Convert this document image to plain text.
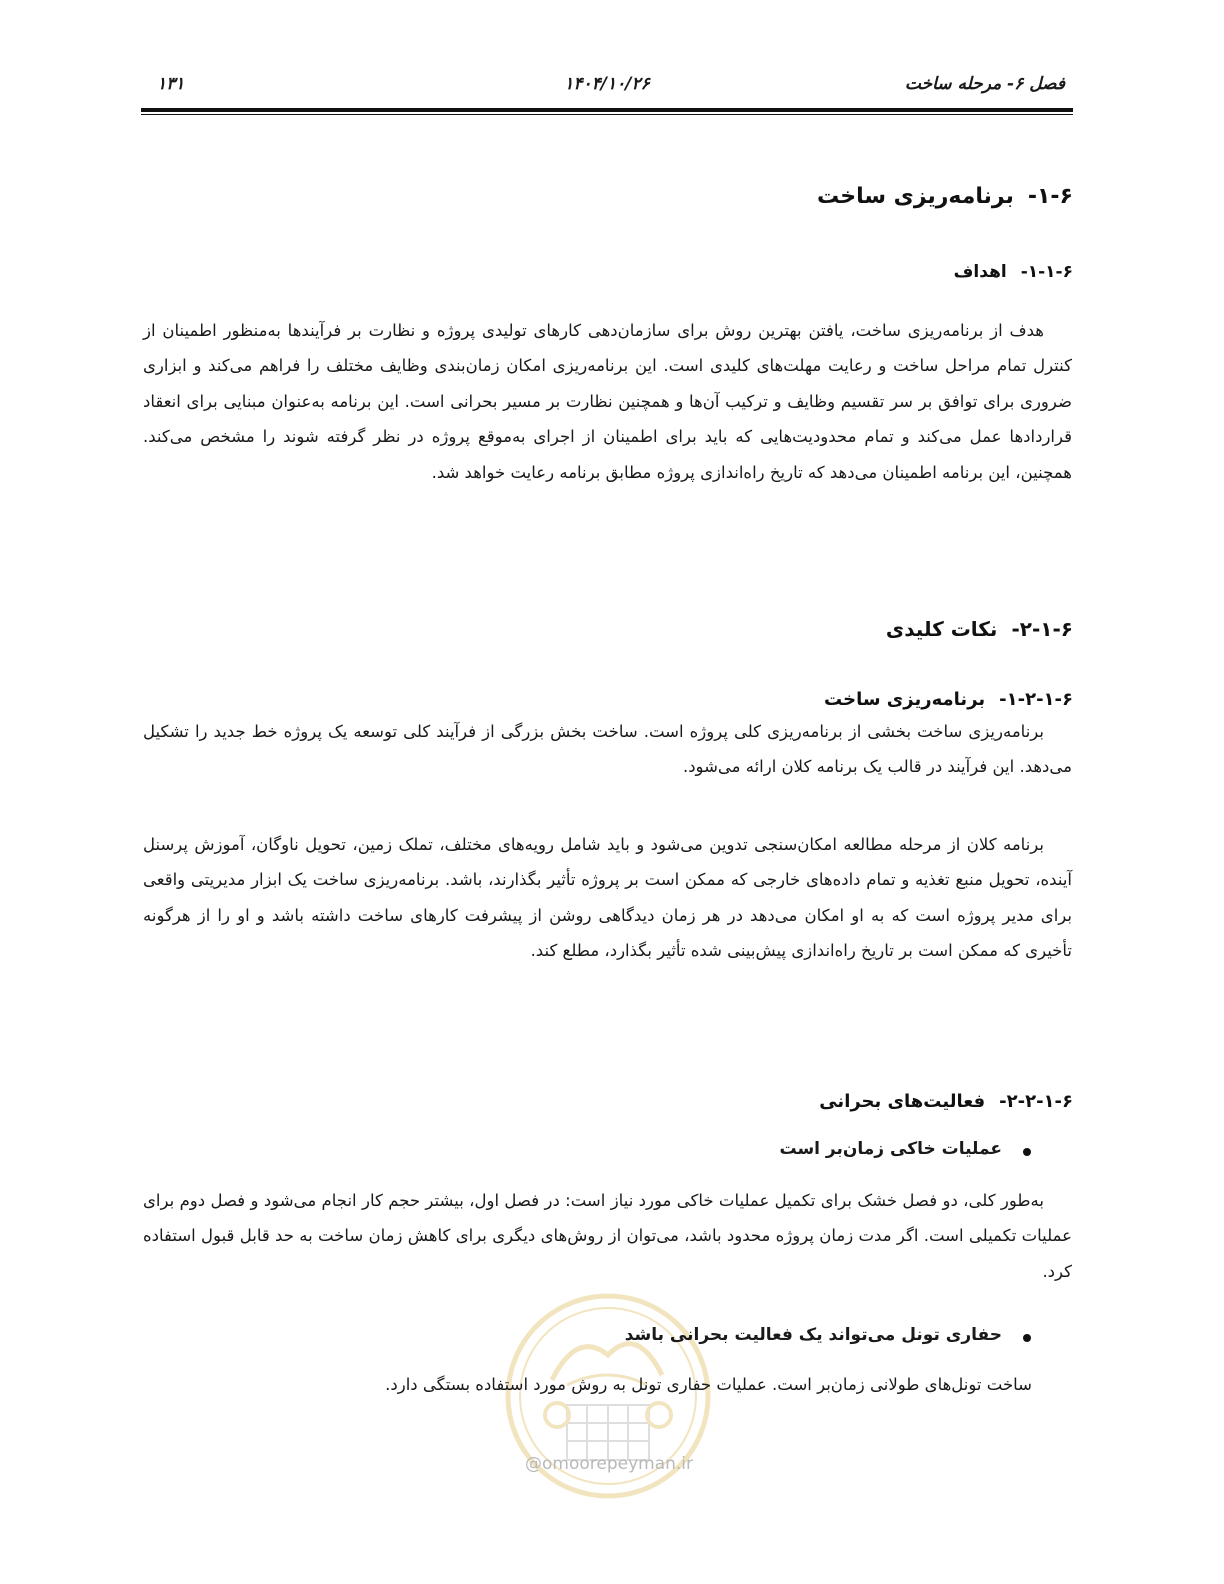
فصل ۶- مرحله ساخت
۱۴۰۴/۱۰/۲۶
۱۳۱
۱-۶-برنامه‌ریزی ساخت
۱-۱-۶-اهداف

هدف از برنامه‌ریزی ساخت، یافتن بهترین روش برای سازمان‌دهی کارهای تولیدی پروژه و نظارت بر فرآیندها به‌منظور اطمینان از کنترل تمام مراحل ساخت و رعایت مهلت‌های کلیدی است. این برنامه‌ریزی امکان زمان‌بندی وظایف مختلف را فراهم می‌کند و ابزاری ضروری برای توافق بر سر تقسیم وظایف و ترکیب آن‌ها و همچنین نظارت بر مسیر بحرانی است. این برنامه به‌عنوان مبنایی برای انعقاد قراردادها عمل می‌کند و تمام محدودیت‌هایی که باید برای اطمینان از اجرای به‌موقع پروژه در نظر گرفته شوند را مشخص می‌کند. همچنین، این برنامه اطمینان می‌دهد که تاریخ راه‌اندازی پروژه مطابق برنامه رعایت خواهد شد.

۲-۱-۶-نکات کلیدی
۱-۲-۱-۶-برنامه‌ریزی ساخت

برنامه‌ریزی ساخت بخشی از برنامه‌ریزی کلی پروژه است. ساخت بخش بزرگی از فرآیند کلی توسعه یک پروژه خط جدید را تشکیل می‌دهد. این فرآیند در قالب یک برنامه کلان ارائه می‌شود.

برنامه کلان از مرحله مطالعه امکان‌سنجی تدوین می‌شود و باید شامل رویه‌های مختلف، تملک زمین، تحویل ناوگان، آموزش پرسنل آینده، تحویل منبع تغذیه و تمام داده‌های خارجی که ممکن است بر پروژه تأثیر بگذارند، باشد. برنامه‌ریزی ساخت یک ابزار مدیریتی واقعی برای مدیر پروژه است که به او امکان می‌دهد در هر زمان دیدگاهی روشن از پیشرفت کارهای ساخت داشته باشد و او را از هرگونه تأخیری که ممکن است بر تاریخ راه‌اندازی پیش‌بینی شده تأثیر بگذارد، مطلع کند.

۲-۲-۱-۶-فعالیت‌های بحرانی
عملیات خاکی زمان‌بر است

به‌طور کلی، دو فصل خشک برای تکمیل عملیات خاکی مورد نیاز است: در فصل اول، بیشتر حجم کار انجام می‌شود و فصل دوم برای عملیات تکمیلی است. اگر مدت زمان پروژه محدود باشد، می‌توان از روش‌های دیگری برای کاهش زمان ساخت به حد قابل قبول استفاده کرد.

@omoorepeyman.ir
حفاری تونل می‌تواند یک فعالیت بحرانی باشد

ساخت تونل‌های طولانی زمان‌بر است. عملیات حفاری تونل به روش مورد استفاده بستگی دارد.
